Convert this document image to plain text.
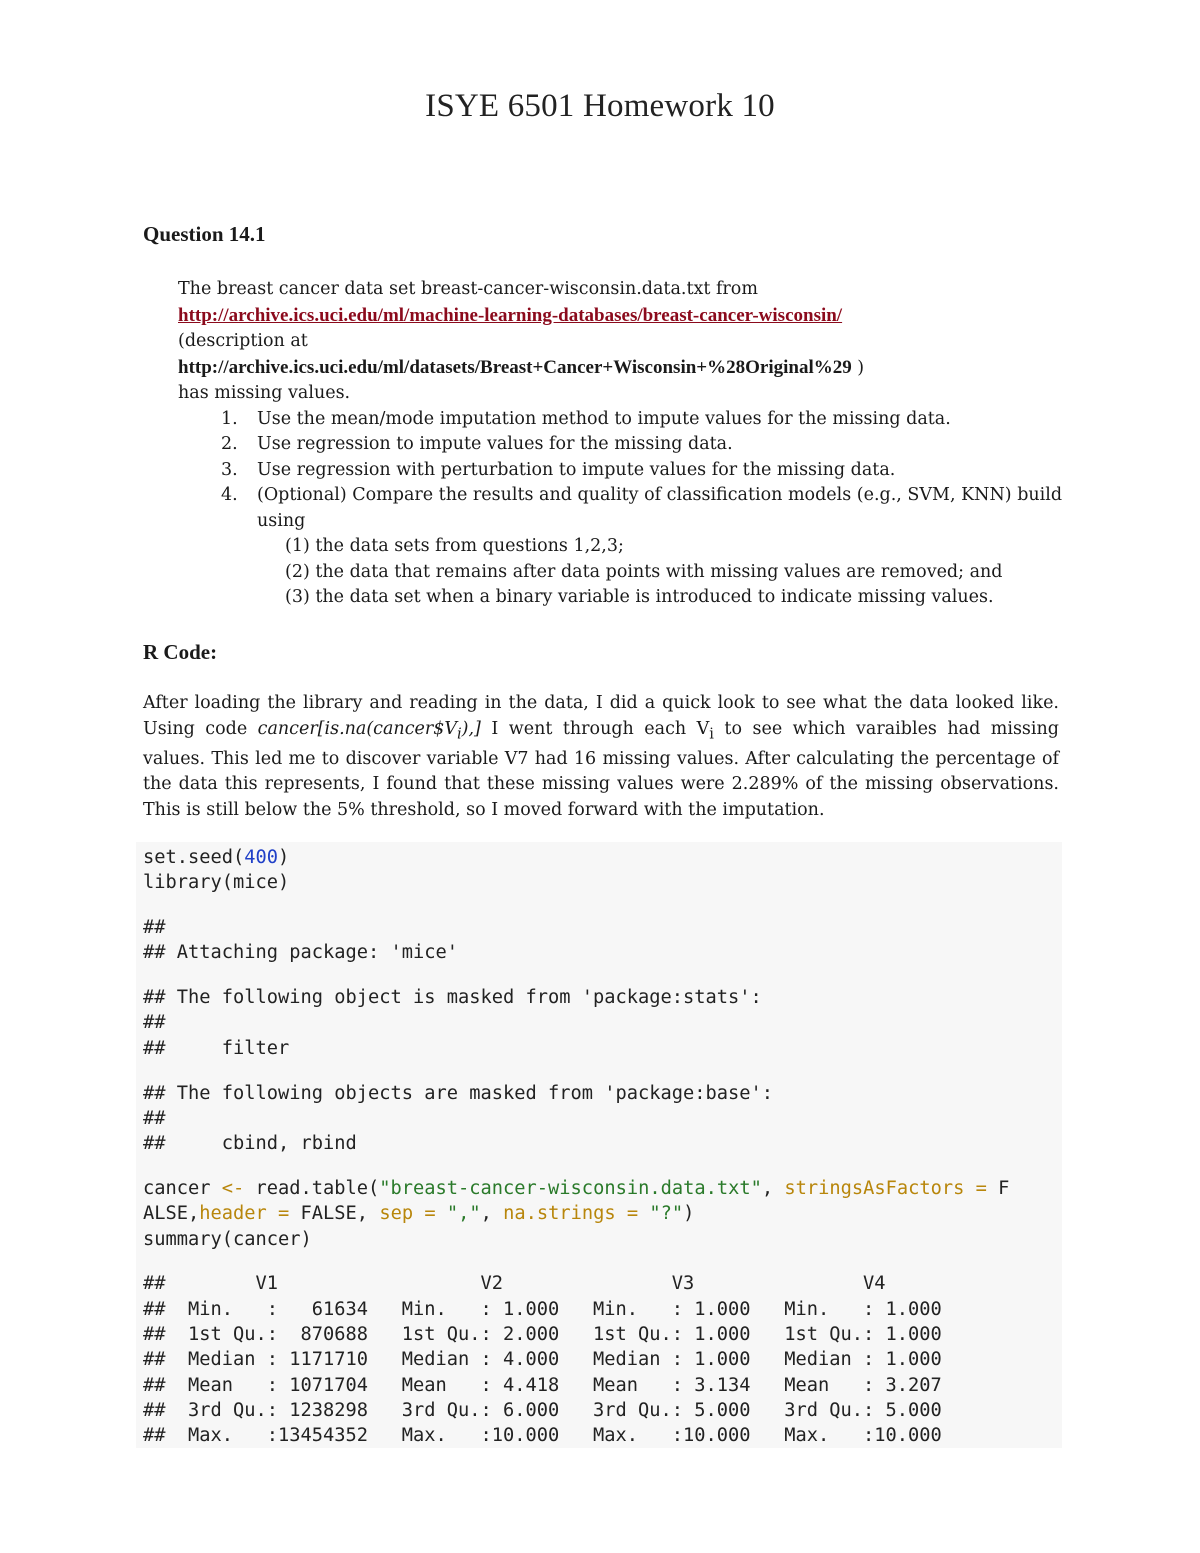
ISYE 6501 Homework 10
Question 14.1

The breast cancer data set breast-cancer-wisconsin.data.txt from

http://archive.ics.uci.edu/ml/machine-learning-databases/breast-cancer-wisconsin/

(description at

http://archive.ics.uci.edu/ml/datasets/Breast+Cancer+Wisconsin+%28Original%29 )

has missing values.

1. Use the mean/mode imputation method to impute values for the missing data.
2. Use regression to impute values for the missing data.
3. Use regression with perturbation to impute values for the missing data.
4. (Optional) Compare the results and quality of classification models (e.g., SVM, KNN) build using
(1) the data sets from questions 1,2,3;
(2) the data that remains after data points with missing values are removed; and
(3) the data set when a binary variable is introduced to indicate missing values.
R Code:

After loading the library and reading in the data, I did a quick look to see what the data looked like. Using code $cancer[is.na(cancer\$V_i),]$ I went through each $V_i$ to see which varaibles had missing values. This led me to discover variable V7 had 16 missing values. After calculating the percentage of the data this represents, I found that these missing values were 2.289% of the missing observations. This is still below the 5% threshold, so I moved forward with the imputation.

set.seed(400)
library(mice)

##
## Attaching package: 'mice'

## The following object is masked from 'package:stats':
##
##     filter

## The following objects are masked from 'package:base':
##
##     cbind, rbind

cancer <- read.table("breast-cancer-wisconsin.data.txt", stringsAsFactors = F
ALSE,header = FALSE, sep = ",", na.strings = "?")
summary(cancer)

##        V1                  V2               V3               V4
##  Min.   :   61634   Min.   : 1.000   Min.   : 1.000   Min.   : 1.000
##  1st Qu.:  870688   1st Qu.: 2.000   1st Qu.: 1.000   1st Qu.: 1.000
##  Median : 1171710   Median : 4.000   Median : 1.000   Median : 1.000
##  Mean   : 1071704   Mean   : 4.418   Mean   : 3.134   Mean   : 3.207
##  3rd Qu.: 1238298   3rd Qu.: 6.000   3rd Qu.: 5.000   3rd Qu.: 5.000
##  Max.   :13454352   Max.   :10.000   Max.   :10.000   Max.   :10.000
